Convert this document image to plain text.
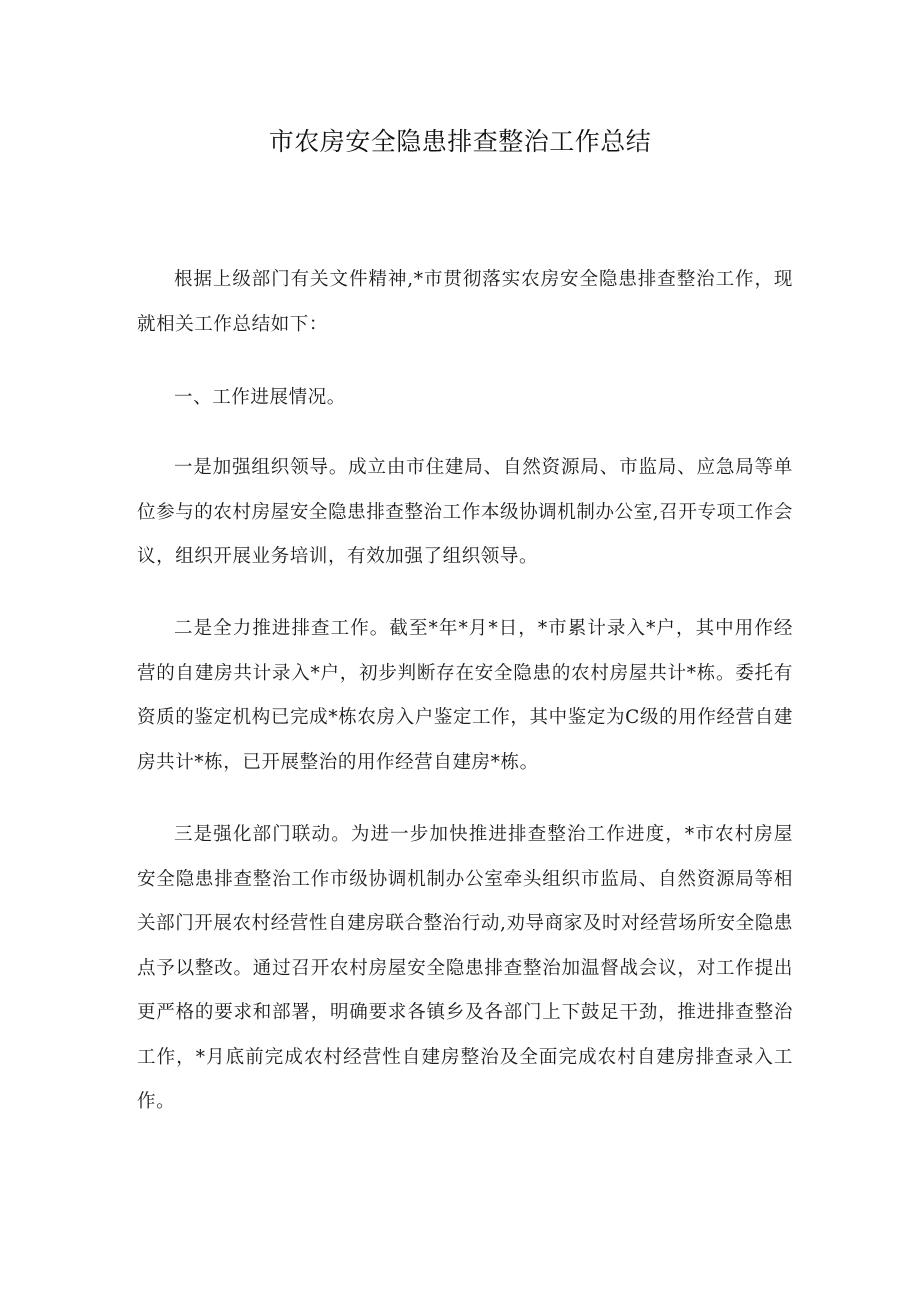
市农房安全隐患排查整治工作总结

根据上级部门有关文件精神,*市贯彻落实农房安全隐患排查整治工作，现就相关工作总结如下：

一、工作进展情况。

一是加强组织领导。成立由市住建局、自然资源局、市监局、应急局等单位参与的农村房屋安全隐患排查整治工作本级协调机制办公室,召开专项工作会议，组织开展业务培训，有效加强了组织领导。

二是全力推进排查工作。截至*年*月*日，*市累计录入*户，其中用作经营的自建房共计录入*户，初步判断存在安全隐患的农村房屋共计*栋。委托有资质的鉴定机构已完成*栋农房入户鉴定工作，其中鉴定为C级的用作经营自建房共计*栋，已开展整治的用作经营自建房*栋。

三是强化部门联动。为进一步加快推进排查整治工作进度，*市农村房屋安全隐患排查整治工作市级协调机制办公室牵头组织市监局、自然资源局等相关部门开展农村经营性自建房联合整治行动,劝导商家及时对经营场所安全隐患点予以整改。通过召开农村房屋安全隐患排查整治加温督战会议，对工作提出更严格的要求和部署，明确要求各镇乡及各部门上下鼓足干劲，推进排查整治工作，*月底前完成农村经营性自建房整治及全面完成农村自建房排查录入工作。
